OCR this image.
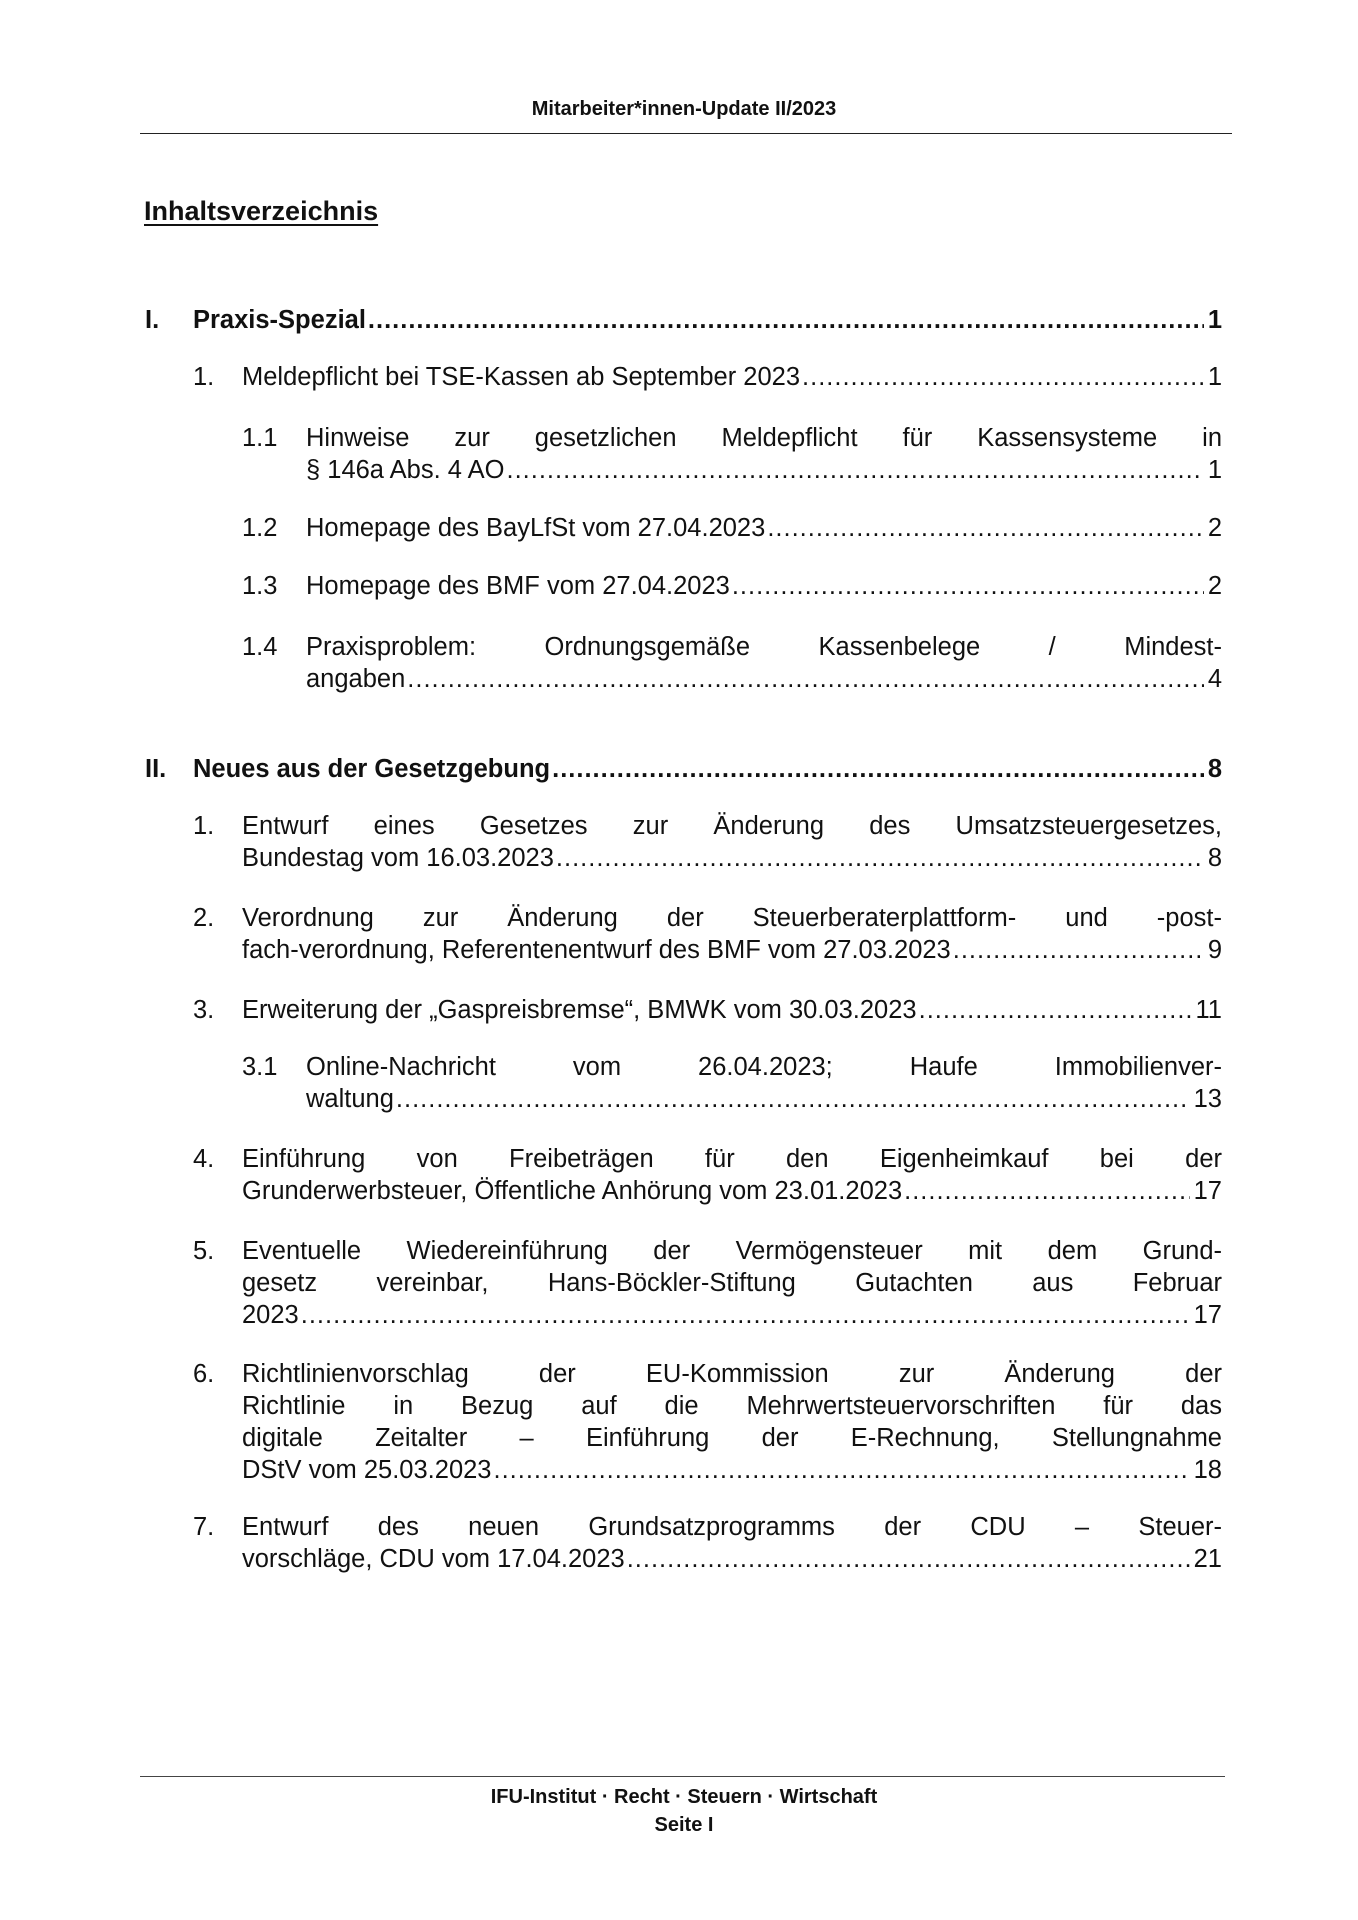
Mitarbeiter*innen-Update II/2023
Inhaltsverzeichnis
I. Praxis-Spezial .....	1
1. Meldepflicht bei TSE-Kassen ab September 2023 .....	1
1.1 Hinweise zur gesetzlichen Meldepflicht für Kassensysteme in
§ 146a Abs. 4 AO .....	1
1.2 Homepage des BayLfSt vom 27.04.2023 .....	2
1.3 Homepage des BMF vom 27.04.2023 .....	2
1.4 Praxisproblem: Ordnungsgemäße Kassenbelege / Mindest-
angaben .....	4
II. Neues aus der Gesetzgebung .....	8
1. Entwurf eines Gesetzes zur Änderung des Umsatzsteuergesetzes,
Bundestag vom 16.03.2023 .....	8
2. Verordnung zur Änderung der Steuerberaterplattform- und -post-
fach-verordnung, Referentenentwurf des BMF vom 27.03.2023 .....	9
3. Erweiterung der „Gaspreisbremse“, BMWK vom 30.03.2023 .....	11
3.1 Online-Nachricht vom 26.04.2023; Haufe Immobilienver-
waltung .....	13
4. Einführung von Freibeträgen für den Eigenheimkauf bei der
Grunderwerbsteuer, Öffentliche Anhörung vom 23.01.2023 .....	17
5. Eventuelle Wiedereinführung der Vermögensteuer mit dem Grund-
gesetz vereinbar, Hans-Böckler-Stiftung Gutachten aus Februar
2023 .....	17
6. Richtlinienvorschlag der EU-Kommission zur Änderung der
Richtlinie in Bezug auf die Mehrwertsteuervorschriften für das
digitale Zeitalter – Einführung der E-Rechnung, Stellungnahme
DStV vom 25.03.2023 .....	18
7. Entwurf des neuen Grundsatzprogramms der CDU – Steuer-
vorschläge, CDU vom 17.04.2023 .....	21
IFU-Institut · Recht · Steuern · Wirtschaft
Seite I
